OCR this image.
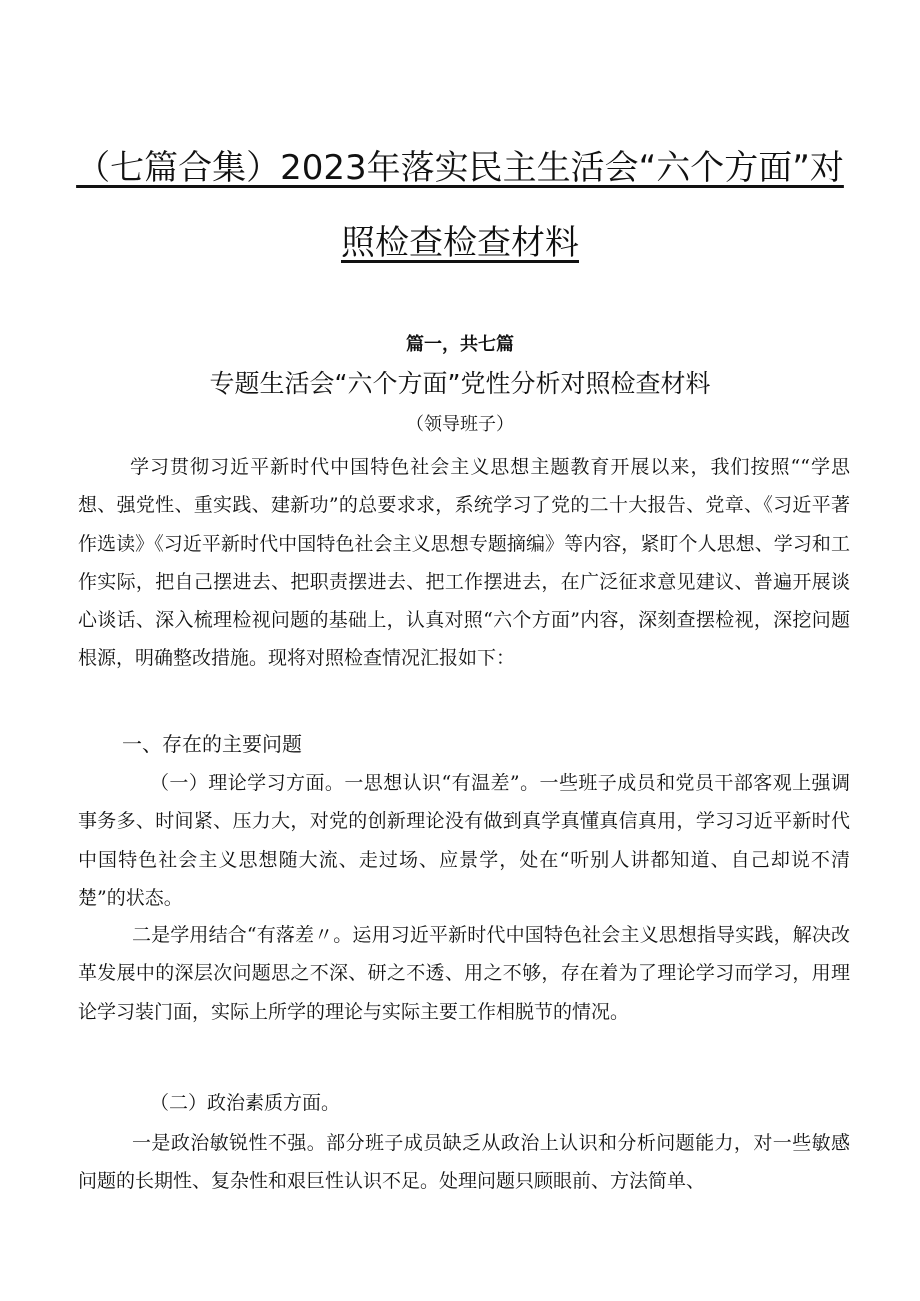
（七篇合集）2023年落实民主生活会“六个方面”对
照检查检查材料
篇一，共七篇
专题生活会“六个方面”党性分析对照检查材料
（领导班子）
学习贯彻习近平新时代中国特色社会主义思想主题教育开展以来，我们按照““学思想、强党性、重实践、建新功”的总要求求，系统学习了党的二十大报告、党章、《习近平著作选读》《习近平新时代中国特色社会主义思想专题摘编》等内容，紧盯个人思想、学习和工作实际，把自己摆进去、把职责摆进去、把工作摆进去，在广泛征求意见建议、普遍开展谈心谈话、深入梳理检视问题的基础上，认真对照“六个方面”内容，深刻查摆检视，深挖问题根源，明确整改措施。现将对照检查情况汇报如下：
一、存在的主要问题
（一）理论学习方面。一思想认识“有温差”。一些班子成员和党员干部客观上强调事务多、时间紧、压力大，对党的创新理论没有做到真学真懂真信真用，学习习近平新时代中国特色社会主义思想随大流、走过场、应景学，处在“听别人讲都知道、自己却说不清楚”的状态。
二是学用结合“有落差〃。运用习近平新时代中国特色社会主义思想指导实践，解决改革发展中的深层次问题思之不深、研之不透、用之不够，存在着为了理论学习而学习，用理论学习装门面，实际上所学的理论与实际主要工作相脱节的情况。
（二）政治素质方面。
一是政治敏锐性不强。部分班子成员缺乏从政治上认识和分析问题能力，对一些敏感问题的长期性、复杂性和艰巨性认识不足。处理问题只顾眼前、方法简单、
